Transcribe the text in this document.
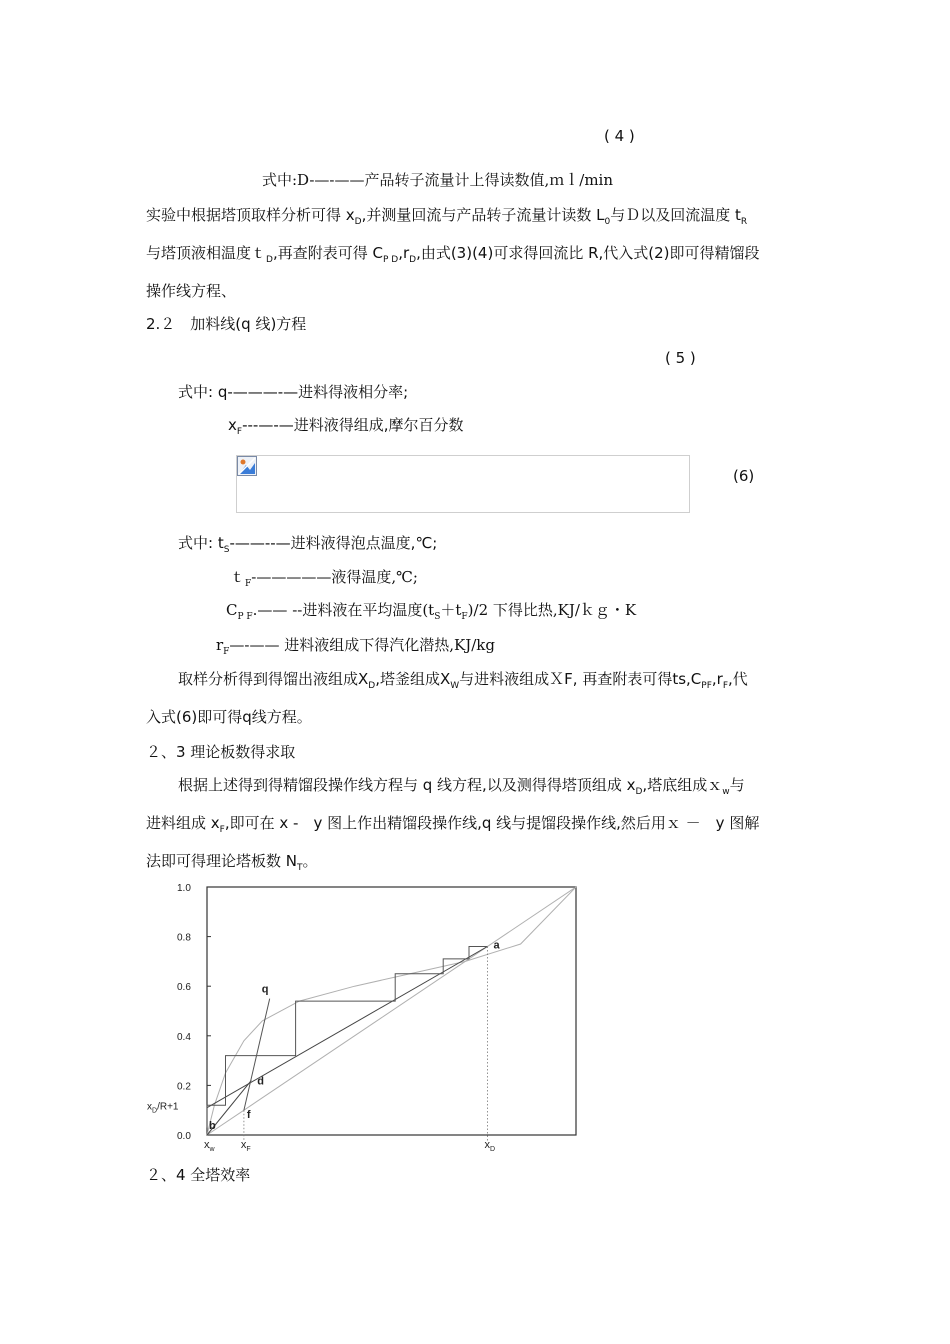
( 4 )
式中:D-—-——产品转子流量计上得读数值,ｍｌ/min
实验中根据塔顶取样分析可得 $x_D$,并测量回流与产品转子流量计读数 $L_0$与Ｄ以及回流温度 $t_R$
与塔顶液相温度ｔ$_D$,再查附表可得 $C_{P D},r_D$,由式(3)(4)可求得回流比 R,代入式(2)即可得精馏段
操作线方程、
2.２　加料线(q 线)方程
( 5 )
式中: q-———-—进料得液相分率;
$x_F---—-—$进料液得组成,摩尔百分数
(6)
式中: $t_S-——--—$进料液得泡点温度,℃;
ｔ$_F$-—————液得温度,℃;
$C_{P F}.——$ --进料液在平均温度$(t_S+t_F)/2$ 下得比热,KJ/ｋｇ・K
$r_F—-——$ 进料液组成下得汽化潜热,KJ/kg
取样分析得到得馏出液组成$X_D$,塔釜组成$X_W$与进料液组成ＸF, 再查附表可得$ts,C_{PF},r_F$,代
入式(6)即可得q线方程。
２、3 理论板数得求取
根据上述得到得精馏段操作线方程与 q 线方程,以及测得得塔顶组成 $x_D$,塔底组成ｘ$_w$与
进料组成 $x_F$,即可在 x -　y 图上作出精馏段操作线,q 线与提馏段操作线,然后用ｘ －　y 图解
法即可得理论塔板数 $N_T$。
0.0
0.2
0.4
0.6
0.8
1.0
$x_w$ $x_F$	$x_D$
$x_D/R+1$
a
b
d
f
q
２、4 全塔效率
